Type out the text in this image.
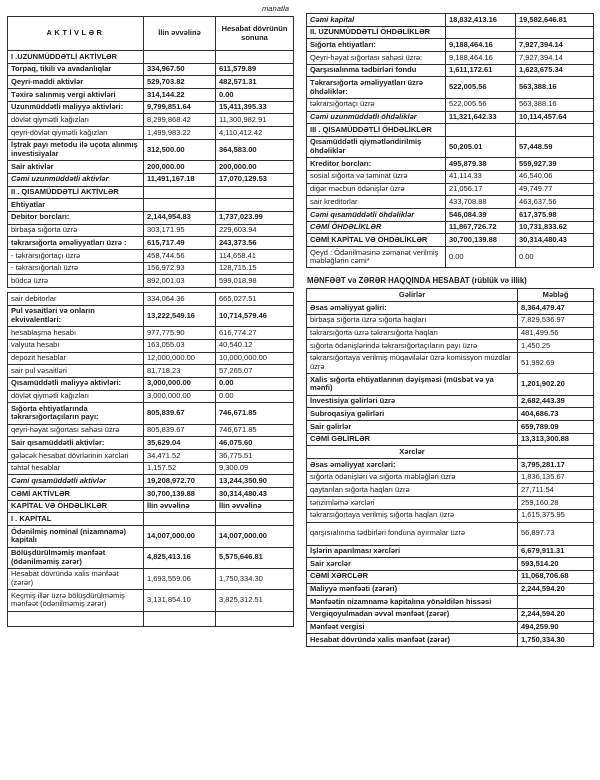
manatla
AKTİVLƏR	İlin əvvəlinə	Hesabat dövrünün sonuna
I .UZUNMÜDDƏTLİ AKTİVLƏR		
Torpaq, tikili və avadanlıqlar	334,967.50	611,579.89
Qeyri-maddi aktivlər	529,703.82	482,571.31
Təxirə salınmış vergi aktivləri	314,144.22	0.00
Uzunmüddətli maliyyə aktivləri:	9,799,851.64	15,411,395.33
dövlət qiymətli kağızları	8,299,868.42	11,300,982.91
qeyri-dövlət qiymətli kağızları	1,499,983.22	4,110,412.42
İştrak payı metodu ilə uçota alınmış investisiyalar	312,500.00	364,583.00
Sair aktivlər	200,000.00	200,000.00
Cəmi uzunmüddətli aktivlər	11,491,167.18	17,070,129.53
II . QISAMÜDDƏTLİ AKTİVLƏR		
Ehtiyatlar		
Debitor borcları:	2,144,954.83	1,737,023.99
birbaşa sığorta üzrə	303,171.95	229,603.94
təkrarsığorta əməliyyatları üzrə :	615,717.49	243,373.56
- təkrarsığortaçı üzrə	458,744.56	114,658.41
- təkrarsığortalı üzrə	156,972.93	128,715.15
büdcə üzrə	892,001.03	599,018.98
sair debitorlar	334,064.36	665,027.51
Pul vəsaitləri və onların ekvivalentləri:	13,222,549.16	10,714,579.46
hesablaşma hesabı	977,775.90	616,774.27
valyuta hesabı	163,055.03	40,540.12
depozit hesablar	12,000,000.00	10,000,000.00
sair pul vəsaitləri	81,718.23	57,265.07
Qısamüddətli maliyyə aktivləri:	3,000,000.00	0.00
dövlət qiymətli kağızları	3,000,000.00	0.00
Sığorta ehtiyatlarında təkrarsığortaçıların payı:	805,839.67	746,671.85
qeyri-həyat sığortası sahəsi üzrə	805,839.67	746,671.85
Sair qısamüddətli aktivlər:	35,629.04	46,075.60
gələcək hesabat dövrlərinin xərcləri	34,471.52	36,775.51
təhtəl hesablar	1,157.52	9,300.09
Cəmi qısamüddətli aktivlər	19,208,972.70	13,244,350.90
CƏMİ AKTİVLƏR	30,700,139.88	30,314,480.43
KAPİTAL VƏ ÖHDƏLİKLƏR	İlin əvvəlinə	İlin əvvəlinə
I . KAPİTAL		
Ödənilmiş nominal (nizamnamə) kapitalı	14,007,000.00	14,007,000.00
Bölüşdürülməmiş mənfəət (ödənilməmiş zərər)	4,825,413.16	5,575,646.81
Hesabat dövründə xalis mənfəət (zərər)	1,693,559.06	1,750,334.30
Keçmiş illər üzrə bölüşdürülməmiş mənfəət (ödənilməmiş zərər)	3,131,854.10	3,825,312.51

Cəmi kapital	18,832,413.16	19,582,646.81
II. UZUNMÜDDƏTLİ ÖHDƏLİKLƏR		
Sığorta ehtiyatları:	9,188,464.16	7,927,394.14
Qeyri-həyat sığortası sahəsi üzrə:	9,188,464.16	7,927,394.14
Qarşısıalınma tədbirləri fondu	1,611,172.61	1,623,675.34
Təkrarsığorta əməliyyatları üzrə öhdəliklər:	522,005.56	563,388.16
təkrarsığortaçı üzrə	522,005.56	563,388.16
Cəmi uzunmüddətli öhdəliklər	11,321,642.33	10,114,457.64
III . QISAMÜDDƏTLİ ÖHDƏLİKLƏR		
Qısamüddətli qiymətləndirilmiş öhdəliklər	50,205.01	57,448.59
Kreditor borcları:	495,879.38	559,927.39
sosial sığorta və təminat üzrə	41,114.33	46,540.06
digər məcburi ödənişlər üzrə	21,056.17	49,749.77
sair kreditorlar	433,708.88	463,637.56
Cəmi qısamüddətli öhdəliklər	546,084.39	617,375.98
CƏMİ ÖHDƏLİKLƏR	11,867,726.72	10,731,833.62
CƏMİ KAPİTAL VƏ ÖHDƏLİKLƏR	30,700,139.88	30,314,480.43
Qeyd : Ödənilməsinə zəmanət verilmiş məbləğlərin cəmi*	0.00	0.00
MƏNFƏƏT və ZƏRƏR HAQQINDA HESABAT (rüblük və illik)
Gəlirlər	Məbləğ
Əsas əməliyyat gəliri:	8,364,479.47
birbaşa sığorta üzrə sığorta haqları	7,829,536.97
təkrarsığorta üzrə təkrarsığorta haqları	481,499.56
sığorta ödənişlərində təkrarsığortaçıların payı üzrə	1,450.25
təkrarsığortaya verilmiş müqavilələr üzrə komissyon muzdlar üzrə	51,992.69
Xalis sığorta ehtiyatlarının dəyişməsi (müsbət və ya mənfi)	1,201,902.20
İnvestisiya gəlirləri üzrə	2,682,443.39
Subroqasiya gəlirləri	404,686.73
Sair gəlirlər	659,789.09
CƏMİ GƏLİRLƏR	13,313,300.88
Xərclər	
Əsas əməliyyat xərcləri:	3,795,281.17
sığorta ödənişləri və sığorta məbləğləri üzrə	1,836,135.67
qaytarılan sığorta haqları üzrə	27,711.54
tənzimləmə xərcləri	259,160.28
təkrarsığortaya verilmiş sığorta haqları üzrə	1,615,375.95
qarşısıalınma tədbirləri fonduna ayırmalar üzrə	56,897.73
İşlərin aparılması xərcləri	6,679,911.31
Sair xərclər	593,514.20
CƏMİ XƏRCLƏR	11,068,706.68
Maliyyə mənfəəti (zərəri)	2,244,594.20
Mənfəətin nizamnamə kapitalına yönəldilən hissəsi	
Vergiqoyulmadan əvvəl mənfəət (zərər)	2,244,594.20
Mənfəət vergisi	494,259.90
Hesabat dövründə xalis mənfəət (zərər)	1,750,334.30
